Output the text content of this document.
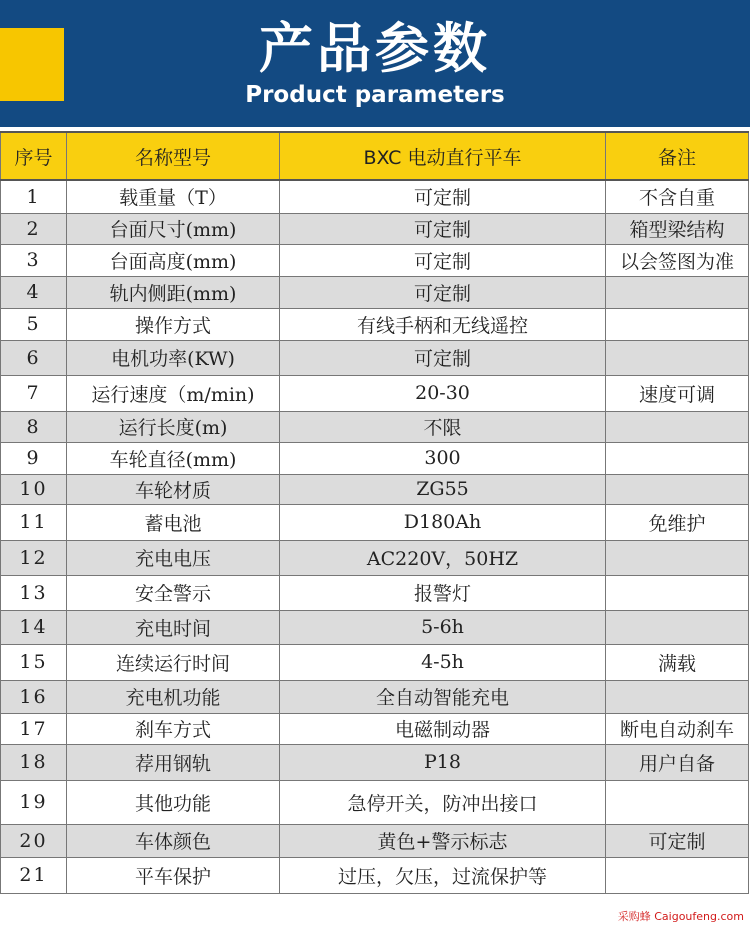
产品参数
Product parameters
序号	名称型号	BXC 电动直行平车	备注
1	载重量（T）	可定制	不含自重
2	台面尺寸(mm)	可定制	箱型梁结构
3	台面高度(mm)	可定制	以会签图为准
4	轨内侧距(mm)	可定制	
5	操作方式	有线手柄和无线遥控	
6	电机功率(KW)	可定制	
7	运行速度（m/min)	20-30	速度可调
8	运行长度(m)	不限	
9	车轮直径(mm)	300	
10	车轮材质	ZG55	
11	蓄电池	D180Ah	免维护
12	充电电压	AC220V，50HZ	
13	安全警示	报警灯	
14	充电时间	5-6h	
15	连续运行时间	4-5h	满载
16	充电机功能	全自动智能充电	
17	刹车方式	电磁制动器	断电自动刹车
18	荐用钢轨	P18	用户自备
19	其他功能	急停开关，防冲出接口	
20	车体颜色	黄色+警示标志	可定制
21	平车保护	过压，欠压，过流保护等	
采购蜂 Caigoufeng.com
